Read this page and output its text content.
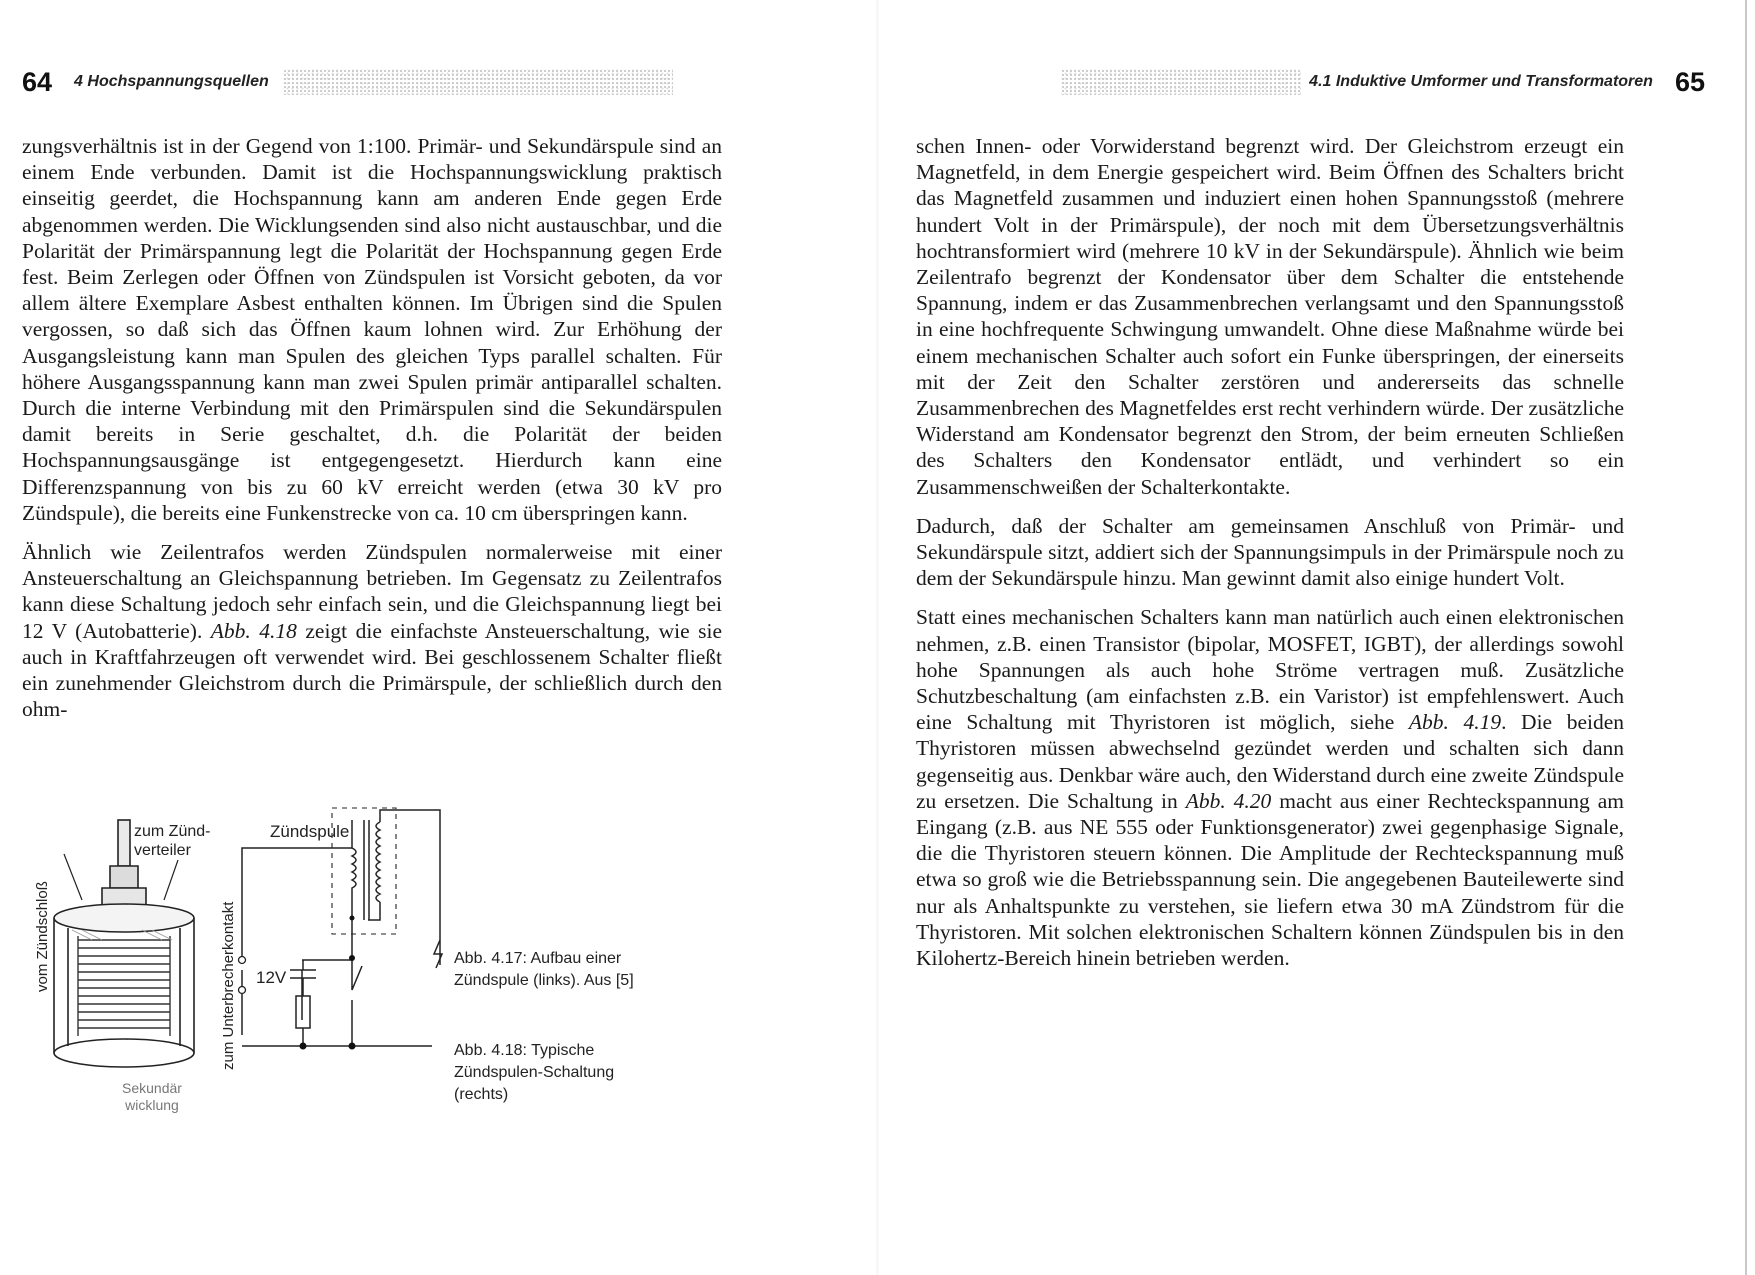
64 4 Hochspannungsquellen

zungsverhältnis ist in der Gegend von 1:100. Primär- und Sekundärspule sind an einem Ende verbunden. Damit ist die Hochspannungswicklung praktisch einseitig geerdet, die Hochspannung kann am anderen Ende gegen Erde abgenommen werden. Die Wicklungsenden sind also nicht austauschbar, und die Polarität der Primärspannung legt die Polarität der Hochspannung gegen Erde fest. Beim Zerlegen oder Öffnen von Zündspulen ist Vorsicht geboten, da vor allem ältere Exemplare Asbest enthalten können. Im Übrigen sind die Spulen vergossen, so daß sich das Öffnen kaum lohnen wird. Zur Erhöhung der Ausgangsleistung kann man Spulen des gleichen Typs parallel schalten. Für höhere Ausgangsspannung kann man zwei Spulen primär antiparallel schalten. Durch die interne Verbindung mit den Primärspulen sind die Sekundärspulen damit bereits in Serie geschaltet, d.h. die Polarität der beiden Hochspannungsausgänge ist entgegengesetzt. Hierdurch kann eine Differenzspannung von bis zu 60 kV erreicht werden (etwa 30 kV pro Zündspule), die bereits eine Funkenstrecke von ca. 10 cm überspringen kann.

Ähnlich wie Zeilentrafos werden Zündspulen normalerweise mit einer Ansteuerschaltung an Gleichspannung betrieben. Im Gegensatz zu Zeilentrafos kann diese Schaltung jedoch sehr einfach sein, und die Gleichspannung liegt bei 12 V (Autobatterie). Abb. 4.18 zeigt die einfachste Ansteuerschaltung, wie sie auch in Kraftfahrzeugen oft verwendet wird. Bei geschlossenem Schalter fließt ein zunehmender Gleichstrom durch die Primärspule, der schließlich durch den ohm-

zum Zünd-
verteiler
vom Zündschloß	zum Unterbrecherkontakt
Sekundär
wicklung
Zündspule
12V
Abb. 4.17: Aufbau einer Zündspule (links). Aus [5]
Abb. 4.18: Typische Zündspulen-Schaltung (rechts)
4.1 Induktive Umformer und Transformatoren 65

schen Innen- oder Vorwiderstand begrenzt wird. Der Gleichstrom erzeugt ein Magnetfeld, in dem Energie gespeichert wird. Beim Öffnen des Schalters bricht das Magnetfeld zusammen und induziert einen hohen Spannungsstoß (mehrere hundert Volt in der Primärspule), der noch mit dem Übersetzungsverhältnis hochtransformiert wird (mehrere 10 kV in der Sekundärspule). Ähnlich wie beim Zeilentrafo begrenzt der Kondensator über dem Schalter die entstehende Spannung, indem er das Zusammenbrechen verlangsamt und den Spannungsstoß in eine hochfrequente Schwingung umwandelt. Ohne diese Maßnahme würde bei einem mechanischen Schalter auch sofort ein Funke überspringen, der einerseits mit der Zeit den Schalter zerstören und andererseits das schnelle Zusammenbrechen des Magnetfeldes erst recht verhindern würde. Der zusätzliche Widerstand am Kondensator begrenzt den Strom, der beim erneuten Schließen des Schalters den Kondensator entlädt, und verhindert so ein Zusammenschweißen der Schalterkontakte.

Dadurch, daß der Schalter am gemeinsamen Anschluß von Primär- und Sekundärspule sitzt, addiert sich der Spannungsimpuls in der Primärspule noch zu dem der Sekundärspule hinzu. Man gewinnt damit also einige hundert Volt.

Statt eines mechanischen Schalters kann man natürlich auch einen elektronischen nehmen, z.B. einen Transistor (bipolar, MOSFET, IGBT), der allerdings sowohl hohe Spannungen als auch hohe Ströme vertragen muß. Zusätzliche Schutzbeschaltung (am einfachsten z.B. ein Varistor) ist empfehlenswert. Auch eine Schaltung mit Thyristoren ist möglich, siehe Abb. 4.19. Die beiden Thyristoren müssen abwechselnd gezündet werden und schalten sich dann gegenseitig aus. Denkbar wäre auch, den Widerstand durch eine zweite Zündspule zu ersetzen. Die Schaltung in Abb. 4.20 macht aus einer Rechteckspannung am Eingang (z.B. aus NE 555 oder Funktionsgenerator) zwei gegenphasige Signale, die die Thyristoren steuern können. Die Amplitude der Rechteckspannung muß etwa so groß wie die Betriebsspannung sein. Die angegebenen Bauteilewerte sind nur als Anhaltspunkte zu verstehen, sie liefern etwa 30 mA Zündstrom für die Thyristoren. Mit solchen elektronischen Schaltern können Zündspulen bis in den Kilohertz-Bereich hinein betrieben werden.
